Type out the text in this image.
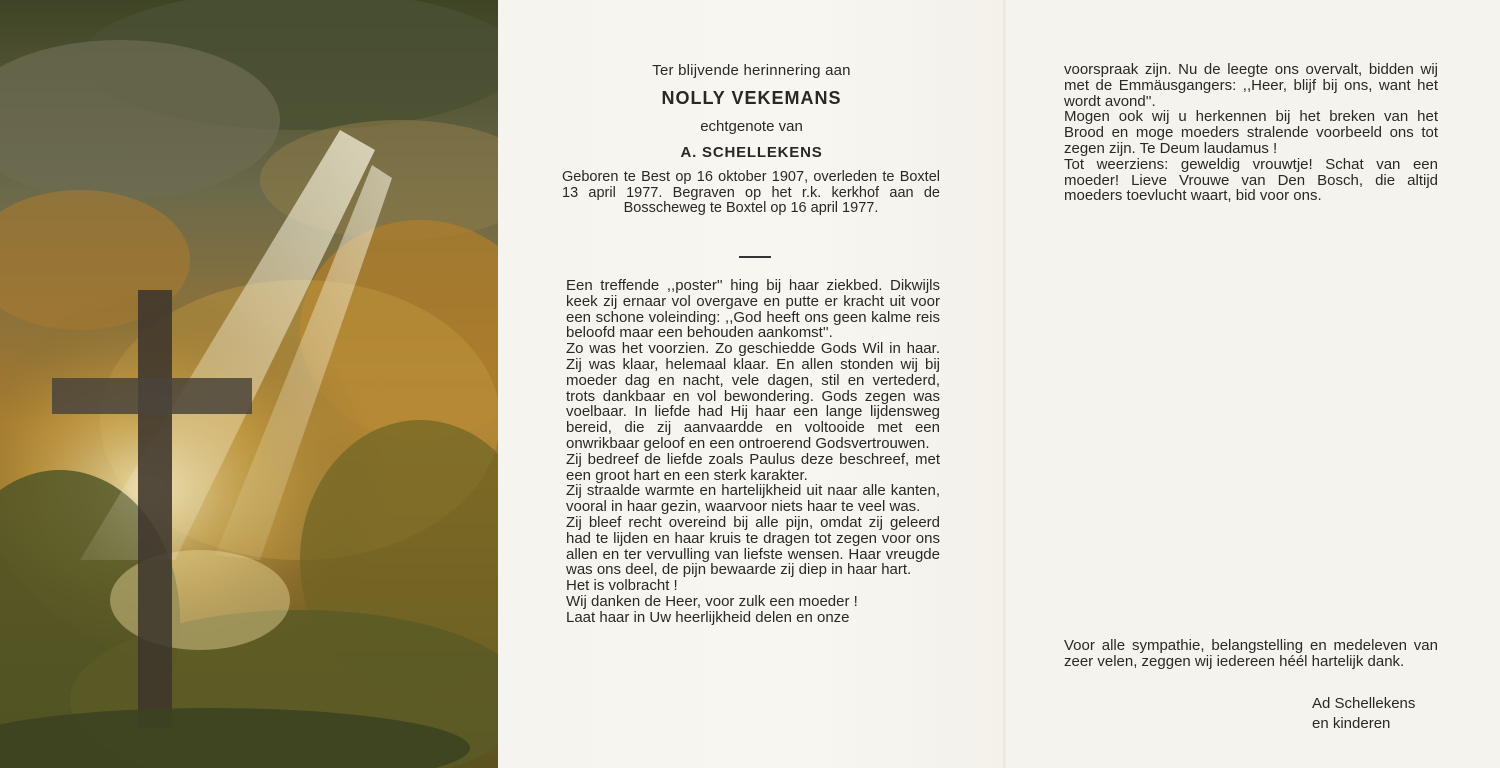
Ter blijvende herinnering aan
NOLLY VEKEMANS
echtgenote van
A. SCHELLEKENS
Geboren te Best op 16 oktober 1907, overleden te Boxtel 13 april 1977. Begraven op het r.k. kerkhof aan de Bosscheweg te Boxtel op 16 april 1977.

Een treffende ,,poster'' hing bij haar ziekbed. Dikwijls keek zij ernaar vol overgave en putte er kracht uit voor een schone voleinding: ,,God heeft ons geen kalme reis beloofd maar een behouden aankomst''.

Zo was het voorzien. Zo geschiedde Gods Wil in haar. Zij was klaar, helemaal klaar. En allen stonden wij bij moeder dag en nacht, vele dagen, stil en vertederd, trots dankbaar en vol bewondering. Gods zegen was voelbaar. In liefde had Hij haar een lange lijdensweg bereid, die zij aanvaardde en voltooide met een onwrikbaar geloof en een ontroerend Godsvertrouwen.

Zij bedreef de liefde zoals Paulus deze beschreef, met een groot hart en een sterk karakter.

Zij straalde warmte en hartelijkheid uit naar alle kanten, vooral in haar gezin, waarvoor niets haar te veel was.

Zij bleef recht overeind bij alle pijn, omdat zij geleerd had te lijden en haar kruis te dragen tot zegen voor ons allen en ter vervulling van liefste wensen. Haar vreugde was ons deel, de pijn bewaarde zij diep in haar hart.

Het is volbracht !

Wij danken de Heer, voor zulk een moeder !

Laat haar in Uw heerlijkheid delen en onze

voorspraak zijn. Nu de leegte ons overvalt, bidden wij met de Emmäusgangers: ,,Heer, blijf bij ons, want het wordt avond''.

Mogen ook wij u herkennen bij het breken van het Brood en moge moeders stralende voorbeeld ons tot zegen zijn. Te Deum laudamus !

Tot weerziens: geweldig vrouwtje! Schat van een moeder! Lieve Vrouwe van Den Bosch, die altijd moeders toevlucht waart, bid voor ons.

Voor alle sympathie, belangstelling en medeleven van zeer velen, zeggen wij iedereen héél hartelijk dank.

Ad Schellekens
en kinderen
